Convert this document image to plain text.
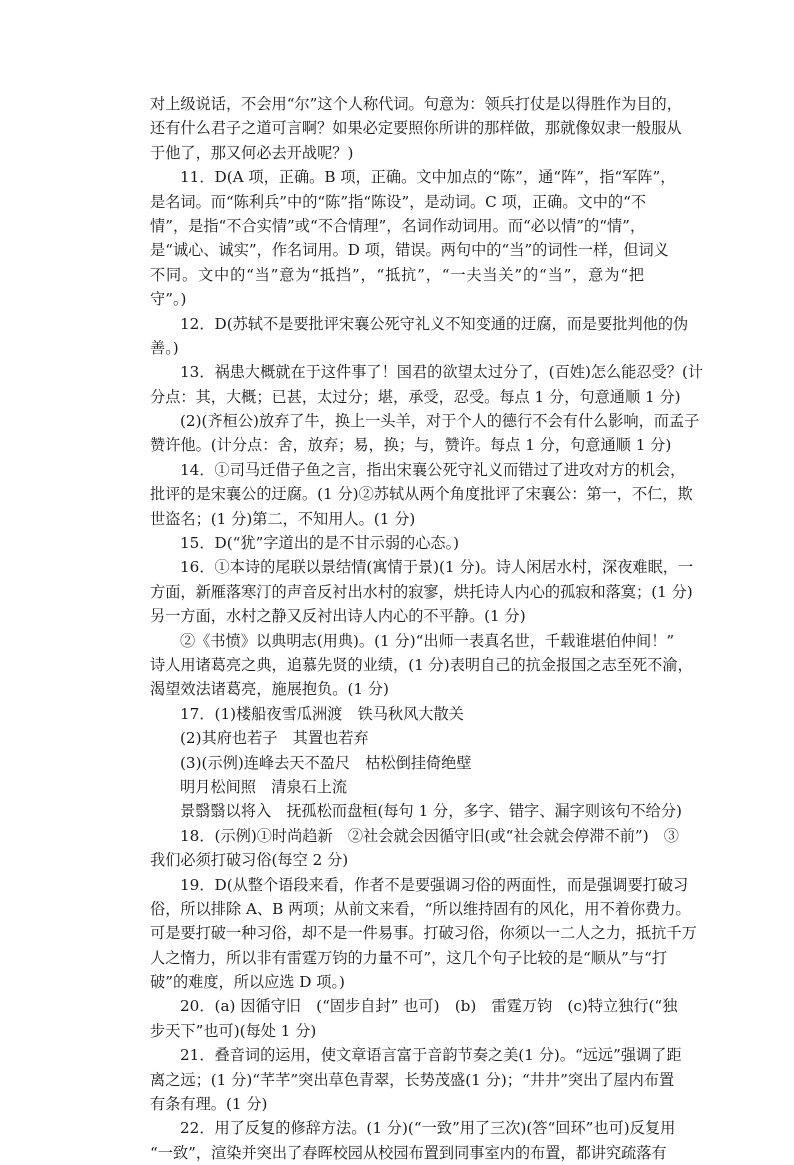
对上级说话，不会用“尔”这个人称代词。句意为：领兵打仗是以得胜作为目的，
还有什么君子之道可言啊？如果必定要照你所讲的那样做，那就像奴隶一般服从
于他了，那又何必去开战呢？)
11．D(A 项，正确。B 项，正确。文中加点的“陈”，通“阵”，指“军阵”，
是名词。而“陈利兵”中的“陈”指“陈设”，是动词。C 项，正确。文中的“不
情”，是指“不合实情”或“不合情理”，名词作动词用。而“必以情”的“情”，
是“诚心、诚实”，作名词用。D 项，错误。两句中的“当”的词性一样，但词义
不同。文中的“当”意为“抵挡”，“抵抗”，“一夫当关”的“当”，意为“把
守”。)
12．D(苏轼不是要批评宋襄公死守礼义不知变通的迂腐，而是要批判他的伪
善。)
13．祸患大概就在于这件事了！国君的欲望太过分了，(百姓)怎么能忍受？(计
分点：其，大概；已甚，太过分；堪，承受，忍受。每点 1 分，句意通顺 1 分)
(2)(齐桓公)放弃了牛，换上一头羊，对于个人的德行不会有什么影响，而孟子
赞许他。(计分点：舍，放弃；易，换；与，赞许。每点 1 分，句意通顺 1 分)
14．①司马迁借子鱼之言，指出宋襄公死守礼义而错过了进攻对方的机会，
批评的是宋襄公的迂腐。(1 分)②苏轼从两个角度批评了宋襄公：第一，不仁，欺
世盗名；(1 分)第二，不知用人。(1 分)
15．D(“犹”字道出的是不甘示弱的心态。)
16．①本诗的尾联以景结情(寓情于景)(1 分)。诗人闲居水村，深夜难眠，一
方面，新雁落寒汀的声音反衬出水村的寂寥，烘托诗人内心的孤寂和落寞；(1 分)
另一方面，水村之静又反衬出诗人内心的不平静。(1 分)
②《书愤》以典明志(用典)。(1 分)“出师一表真名世，千载谁堪伯仲间！”
诗人用诸葛亮之典，追慕先贤的业绩，(1 分)表明自己的抗金报国之志至死不渝，
渴望效法诸葛亮，施展抱负。(1 分)
17．(1)楼船夜雪瓜洲渡　铁马秋风大散关
(2)其府也若子　其置也若弃
(3)(示例)连峰去天不盈尺　枯松倒挂倚绝壁
明月松间照　清泉石上流
景翳翳以将入　抚孤松而盘桓(每句 1 分，多字、错字、漏字则该句不给分)
18．(示例)①时尚趋新　②社会就会因循守旧(或“社会就会停滞不前”)　③
我们必须打破习俗(每空 2 分)
19．D(从整个语段来看，作者不是要强调习俗的两面性，而是强调要打破习
俗，所以排除 A、B 两项；从前文来看，“所以维持固有的风化，用不着你费力。
可是要打破一种习俗，却不是一件易事。打破习俗，你须以一二人之力，抵抗千万
人之惰力，所以非有雷霆万钧的力量不可”，这几个句子比较的是“顺从”与“打
破”的难度，所以应选 D 项。)
20．(a) 因循守旧　(“固步自封” 也可)　(b)　雷霆万钧　(c)特立独行(“独
步天下”也可)(每处 1 分)
21．叠音词的运用，使文章语言富于音韵节奏之美(1 分)。“远远”强调了距
离之远；(1 分)“芊芊”突出草色青翠，长势茂盛(1 分)；“井井”突出了屋内布置
有条有理。(1 分)
22．用了反复的修辞方法。(1 分)(“一致”用了三次)(答“回环”也可)反复用
“一致”，渲染并突出了春晖校园从校园布置到同事室内的布置，都讲究疏落有
